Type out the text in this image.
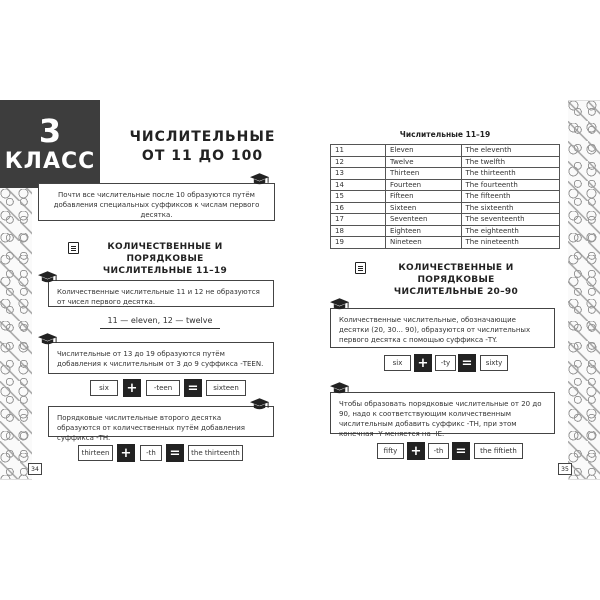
3
КЛАСС
ЧИСЛИТЕЛЬНЫЕ
ОТ 11 ДО 100
Почти все числительные после 10 образуются путём добавления специальных суффиксов к числам первого десятка.
КОЛИЧЕСТВЕННЫЕ И ПОРЯДКОВЫЕ
ЧИСЛИТЕЛЬНЫЕ 11–19
Количественные числительные 11 и 12 не образуются от чисел первого десятка.
11 — eleven, 12 — twelve
Числительные от 13 до 19 образуются путём добавления к числительным от 3 до 9 суффикса -TEEN.
six	+	-teen	=	sixteen
Порядковые числительные второго десятка образуются от количественных путём добавления суффикса -TH.
thirteen +	-th	=	the thirteenth
34
Числительные 11–19
11	Eleven	The eleventh
12	Twelve	The twelfth
13	Thirteen	The thirteenth
14	Fourteen	The fourteenth
15	Fifteen	The fifteenth
16	Sixteen	The sixteenth
17	Seventeen	The seventeenth
18	Eighteen	The eighteenth
19	Nineteen	The nineteenth
КОЛИЧЕСТВЕННЫЕ И ПОРЯДКОВЫЕ
ЧИСЛИТЕЛЬНЫЕ 20–90
Количественные числительные, обозначающие десятки (20, 30... 90), образуются от числительных первого десятка с помощью суффикса -TY.
six	+	-ty =	sixty
Чтобы образовать порядковые числительные от 20 до 90, надо к соответствующим количественным числительным добавить суффикс -TH, при этом конечная -Y меняется на -IE.
fifty	+	-th =	the fiftieth
35
